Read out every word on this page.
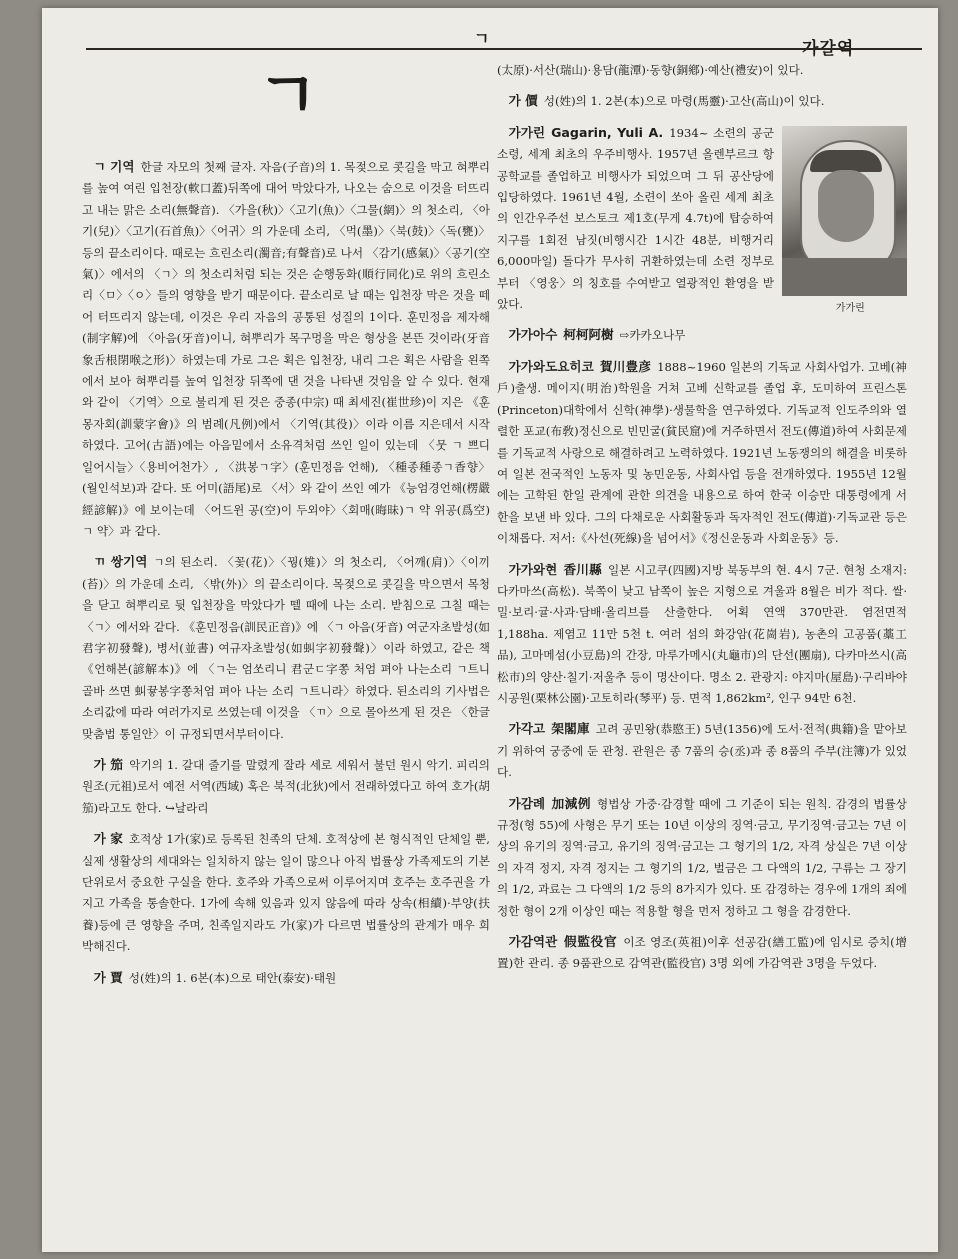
ㄱ
가갈역
ㄱ

ㄱ 기역 한글 자모의 첫째 글자. 자음(子音)의 1. 목젖으로 콧길을 막고 혀뿌리를 높여 여린 입천장(軟口蓋)뒤쪽에 대어 막았다가, 나오는 숨으로 이것을 터뜨리고 내는 맑은 소리(無聲音). 〈가을(秋)〉〈고기(魚)〉〈그물(網)〉의 첫소리, 〈아기(兒)〉〈고기(石首魚)〉〈어귀〉의 가운데 소리, 〈먹(墨)〉〈북(鼓)〉〈독(甕)〉 등의 끝소리이다. 때로는 흐린소리(濁音;有聲音)로 나서 〈감기(感氣)〉〈공기(空氣)〉에서의 〈ㄱ〉의 첫소리처럼 되는 것은 순행동화(順行同化)로 위의 흐린소리〈ㅁ〉〈ㅇ〉들의 영향을 받기 때문이다. 끝소리로 날 때는 입천장 막은 것을 떼어 터뜨리지 않는데, 이것은 우리 자음의 공통된 성질의 1이다. 훈민정음 제자해(制字解)에 〈아음(牙音)이니, 혀뿌리가 목구멍을 막은 형상을 본뜬 것이라(牙音 象舌根閉喉之形)〉하였는데 가로 그은 획은 입천장, 내리 그은 획은 사람을 왼쪽에서 보아 혀뿌리를 높여 입천장 뒤쪽에 댄 것을 나타낸 것임을 알 수 있다. 현재와 같이 〈기역〉으로 불리게 된 것은 중종(中宗) 때 최세진(崔世珍)이 지은 《훈몽자회(訓蒙字會)》의 범례(凡例)에서 〈기역(其役)〉이라 이름 지은데서 시작하였다. 고어(古語)에는 아음밑에서 소유격처럼 쓰인 일이 있는데 〈뭇 ㄱ 쁘디 일어시늘〉〈용비어천가〉, 〈洪봉ㄱ字〉(훈민정음 언해), 〈種종種종ㄱ香향〉(월인석보)과 같다. 또 어미(語尾)로 〈서〉와 같이 쓰인 예가 《능엄경언해(楞嚴經諺解)》에 보이는데 〈어드윈 공(空)이 두외야〉〈회매(晦昧)ㄱ 약 위공(爲空)ㄱ 약〉과 같다.

ㄲ 쌍기역 ㄱ의 된소리. 〈꽃(花)〉〈꿩(雉)〉의 첫소리, 〈어깨(肩)〉〈이끼(苔)〉의 가운데 소리, 〈밖(外)〉의 끝소리이다. 목젖으로 콧길을 막으면서 목청을 닫고 혀뿌리로 뒷 입천장을 막았다가 뗄 때에 나는 소리. 받침으로 그칠 때는 〈ㄱ〉에서와 같다. 《훈민정음(訓民正音)》에 〈ㄱ 아음(牙音) 여군자초발성(如君字初發聲), 병서(並書) 여규자초발성(如虯字初發聲)〉이라 하였고, 같은 책 《언해본(諺解本)》에 〈ㄱ는 엄쏘리니 君군ㄷ字쫑 처엄 펴아 나는소리 ㄱ트니 골바 쓰면 虯끃봉字쫑처엄 펴아 나는 소리 ㄱ트니라〉하였다. 된소리의 기사법은 소리값에 따라 여러가지로 쓰였는데 이것을 〈ㄲ〉으로 몰아쓰게 된 것은 〈한글맞춤법 통일안〉이 규정되면서부터이다.

가 笳 악기의 1. 갈대 줄기를 말렸게 잘라 세로 세워서 불던 원시 악기. 피리의 원조(元祖)로서 예전 서역(西域) 혹은 북적(北狄)에서 전래하였다고 하여 호가(胡笳)라고도 한다. ↪날라리

가 家 호적상 1가(家)로 등록된 친족의 단체. 호적상에 본 형식적인 단체일 뿐, 실제 생활상의 세대와는 일치하지 않는 일이 많으나 아직 법률상 가족제도의 기본 단위로서 중요한 구실을 한다. 호주와 가족으로써 이루어지며 호주는 호주권을 가지고 가족을 통솔한다. 1가에 속해 있음과 있지 않음에 따라 상속(相續)·부양(扶養)등에 큰 영향을 주며, 친족일지라도 가(家)가 다르면 법률상의 관계가 매우 희박해진다.

가 賈 성(姓)의 1. 6본(本)으로 태안(泰安)·태원

(太原)·서산(瑞山)·용담(龍潭)·동향(銅鄕)·예산(禮安)이 있다.

가 價 성(姓)의 1. 2본(本)으로 마령(馬靈)·고산(高山)이 있다.

가가린
가가린 Gagarin, Yuli A. 1934~ 소련의 공군 소령, 세계 최초의 우주비행사. 1957년 올렌부르크 항공학교를 졸업하고 비행사가 되었으며 그 뒤 공산당에 입당하였다. 1961년 4월, 소련이 쏘아 올린 세계 최초의 인간우주선 보스토크 제1호(무게 4.7t)에 탑승하여 지구를 1회전 남짓(비행시간 1시간 48분, 비행거리 6,000마일) 돌다가 무사히 귀환하였는데 소련 정부로부터 〈영웅〉의 칭호를 수여받고 열광적인 환영을 받았다.

가가아수 柯柯阿樹 ⇨카카오나무

가가와도요히코 賀川豊彦 1888~1960 일본의 기독교 사회사업가. 고베(神戶)출생. 메이지(明治)학원을 거쳐 고베 신학교를 졸업 후, 도미하여 프린스톤(Princeton)대학에서 신학(神學)·생물학을 연구하였다. 기독교적 인도주의와 열렬한 포교(布敎)정신으로 빈민굴(貧民窟)에 거주하면서 전도(傳道)하여 사회문제를 기독교적 사랑으로 해결하려고 노력하였다. 1921년 노동쟁의의 해결을 비롯하여 일본 전국적인 노동자 및 농민운동, 사회사업 등을 전개하였다. 1955년 12월에는 고학된 한일 관계에 관한 의견을 내용으로 하여 한국 이승만 대통령에게 서한을 보낸 바 있다. 그의 다채로운 사회활동과 독자적인 전도(傳道)·기독교관 등은 이채롭다. 저서:《사선(死線)을 넘어서》《정신운동과 사회운동》등.

가가와현 香川縣 일본 시고쿠(四國)지방 북동부의 현. 4시 7군. 현청 소재지: 다카마쓰(高松). 북쪽이 낮고 남쪽이 높은 지형으로 겨울과 8월은 비가 적다. 쌀·밀·보리·귤·사과·담배·올리브를 산출한다. 어획 연액 370만관. 염전면적 1,188ha. 제염고 11만 5천 t. 여러 섬의 화강암(花崗岩), 농촌의 고공품(藁工品), 고마메섬(小豆島)의 간장, 마루가메시(丸龜市)의 단선(團扇), 다카마쓰시(高松市)의 양산·칠기·저울추 등이 명산이다. 명소 2. 관광지: 야지마(屋島)·구리바야시공원(栗林公園)·고토히라(琴平) 등. 면적 1,862km², 인구 94만 6천.

가각고 架閣庫 고려 공민왕(恭愍王) 5년(1356)에 도서·전적(典籍)을 맡아보기 위하여 궁중에 둔 관청. 관원은 종 7품의 승(丞)과 종 8품의 주부(注簿)가 있었다.

가감례 加減例 형법상 가중·감경할 때에 그 기준이 되는 원칙. 감경의 법률상 규정(형 55)에 사형은 무기 또는 10년 이상의 징역·금고, 무기징역·금고는 7년 이상의 유기의 징역·금고, 유기의 징역·금고는 그 형기의 1/2, 자격 상실은 7년 이상의 자격 정지, 자격 정지는 그 형기의 1/2, 벌금은 그 다액의 1/2, 구류는 그 장기의 1/2, 과료는 그 다액의 1/2 등의 8가지가 있다. 또 감경하는 경우에 1개의 죄에 정한 형이 2개 이상인 때는 적용할 형을 먼저 정하고 그 형을 감경한다.

가감역관 假監役官 이조 영조(英祖)이후 선공감(繕工監)에 임시로 증치(增置)한 관리. 종 9품관으로 감역관(監役官) 3명 외에 가감역관 3명을 두었다.
